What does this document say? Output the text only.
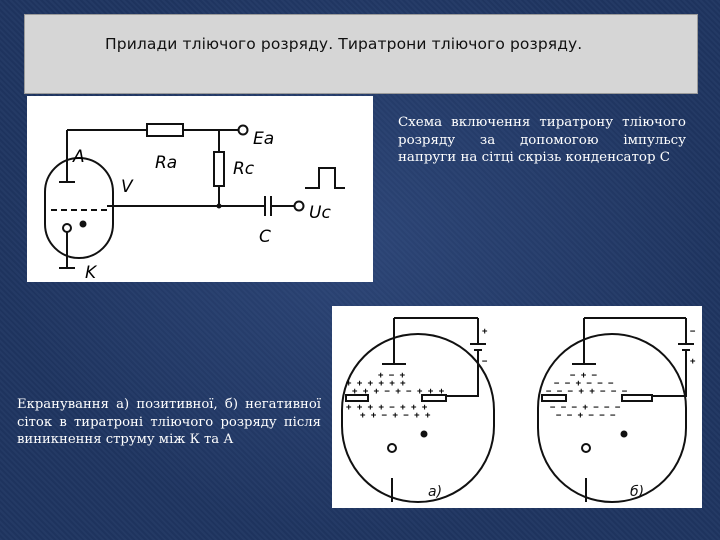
Прилади тліючого розряду. Тиратрони тліючого розряду.
A
K
V
Ra	Rc
Ea
C
Uc
Схема включення тиратрону тліючого розряду за допомогою імпульсу напруги на сітці скрізь конденсатор С
+
−
+ − +
+ + + + + +
+ + + − + − + + +
+ + + + − + + +
+ + − + − + +
а)
−
+
− + −
− − + − − −
− − − + + − − −
− − − + − − −
− − + − − −
б)
Екранування а) позитивної, б) негативної сіток в тиратроні тліючого розряду після виникнення струму між К та А
